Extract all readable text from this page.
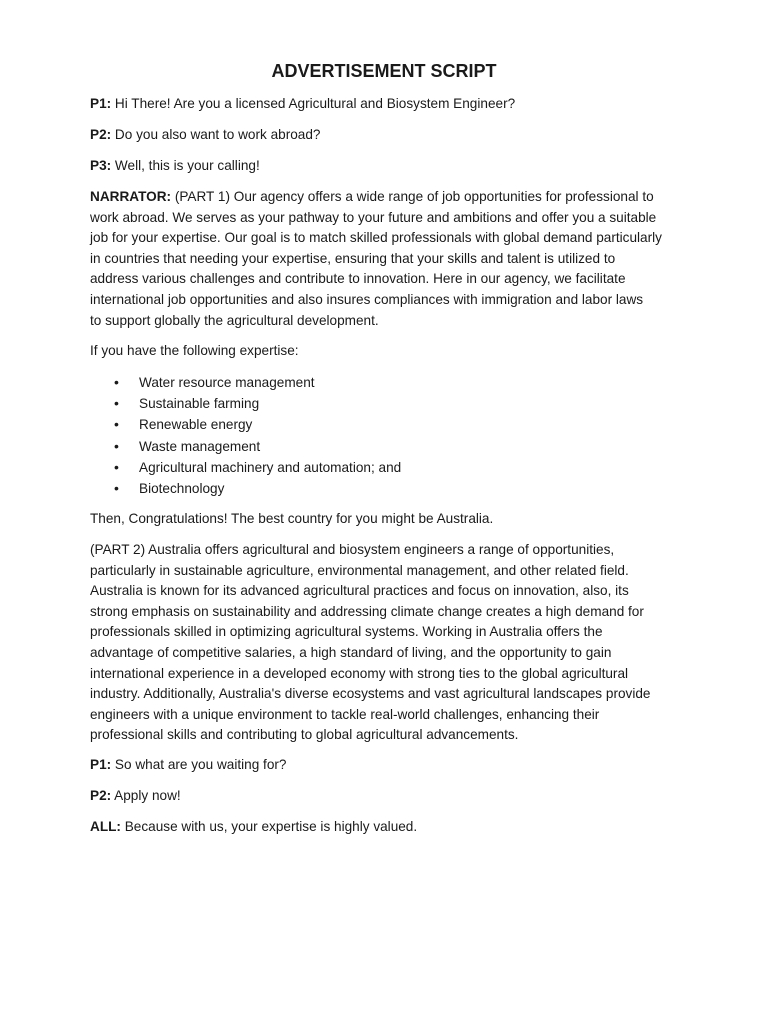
ADVERTISEMENT SCRIPT
P1: Hi There! Are you a licensed Agricultural and Biosystem Engineer?
P2: Do you also want to work abroad?
P3: Well, this is your calling!
NARRATOR: (PART 1) Our agency offers a wide range of job opportunities for professional to
work abroad. We serves as your pathway to your future and ambitions and offer you a suitable
job for your expertise. Our goal is to match skilled professionals with global demand particularly
in countries that needing your expertise, ensuring that your skills and talent is utilized to
address various challenges and contribute to innovation. Here in our agency, we facilitate
international job opportunities and also insures compliances with immigration and labor laws
to support globally the agricultural development.
If you have the following expertise:
• Water resource management
• Sustainable farming
• Renewable energy
• Waste management
• Agricultural machinery and automation; and
• Biotechnology
Then, Congratulations! The best country for you might be Australia.
(PART 2) Australia offers agricultural and biosystem engineers a range of opportunities,
particularly in sustainable agriculture, environmental management, and other related field.
Australia is known for its advanced agricultural practices and focus on innovation, also, its
strong emphasis on sustainability and addressing climate change creates a high demand for
professionals skilled in optimizing agricultural systems. Working in Australia offers the
advantage of competitive salaries, a high standard of living, and the opportunity to gain
international experience in a developed economy with strong ties to the global agricultural
industry. Additionally, Australia's diverse ecosystems and vast agricultural landscapes provide
engineers with a unique environment to tackle real-world challenges, enhancing their
professional skills and contributing to global agricultural advancements.
P1: So what are you waiting for?
P2: Apply now!
ALL: Because with us, your expertise is highly valued.
